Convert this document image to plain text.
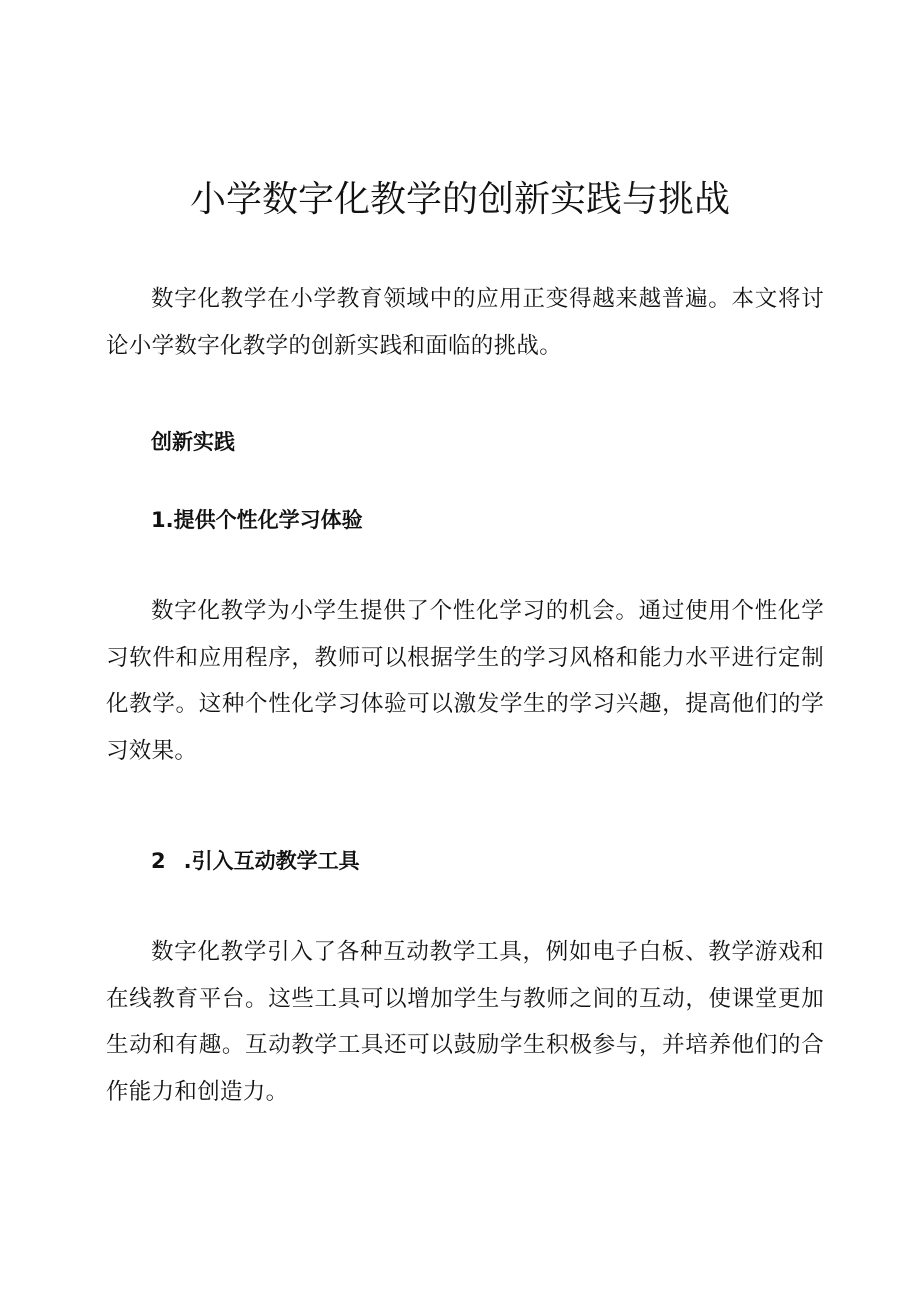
小学数字化教学的创新实践与挑战

数字化教学在小学教育领域中的应用正变得越来越普遍。本文将讨论小学数字化教学的创新实践和面临的挑战。

创新实践
1.提供个性化学习体验

数字化教学为小学生提供了个性化学习的机会。通过使用个性化学习软件和应用程序，教师可以根据学生的学习风格和能力水平进行定制化教学。这种个性化学习体验可以激发学生的学习兴趣，提高他们的学习效果。

2 .引入互动教学工具

数字化教学引入了各种互动教学工具，例如电子白板、教学游戏和在线教育平台。这些工具可以增加学生与教师之间的互动，使课堂更加生动和有趣。互动教学工具还可以鼓励学生积极参与，并培养他们的合作能力和创造力。
